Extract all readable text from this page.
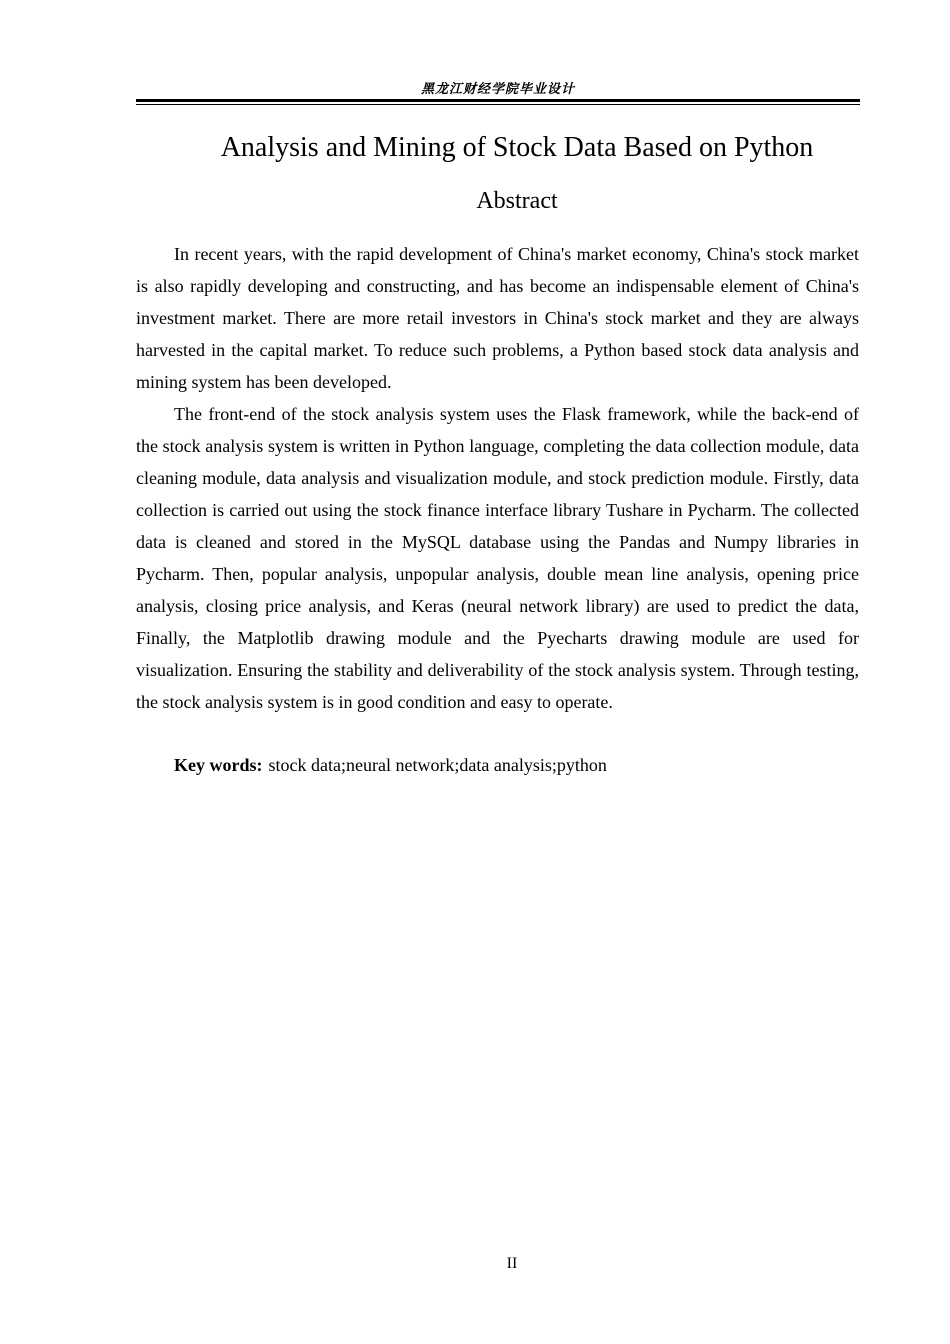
黑龙江财经学院毕业设计
Analysis and Mining of Stock Data Based on Python
Abstract

In recent years, with the rapid development of China's market economy, China's stock market is also rapidly developing and constructing, and has become an indispensable element of China's investment market. There are more retail investors in China's stock market and they are always harvested in the capital market. To reduce such problems, a Python based stock data analysis and mining system has been developed.

The front-end of the stock analysis system uses the Flask framework, while the back-end of the stock analysis system is written in Python language, completing the data collection module, data cleaning module, data analysis and visualization module, and stock prediction module. Firstly, data collection is carried out using the stock finance interface library Tushare in Pycharm. The collected data is cleaned and stored in the MySQL database using the Pandas and Numpy libraries in Pycharm. Then, popular analysis, unpopular analysis, double mean line analysis, opening price analysis, closing price analysis, and Keras (neural network library) are used to predict the data, Finally, the Matplotlib drawing module and the Pyecharts drawing module are used for visualization. Ensuring the stability and deliverability of the stock analysis system. Through testing, the stock analysis system is in good condition and easy to operate.

Key words: stock data;neural network;data analysis;python
II
